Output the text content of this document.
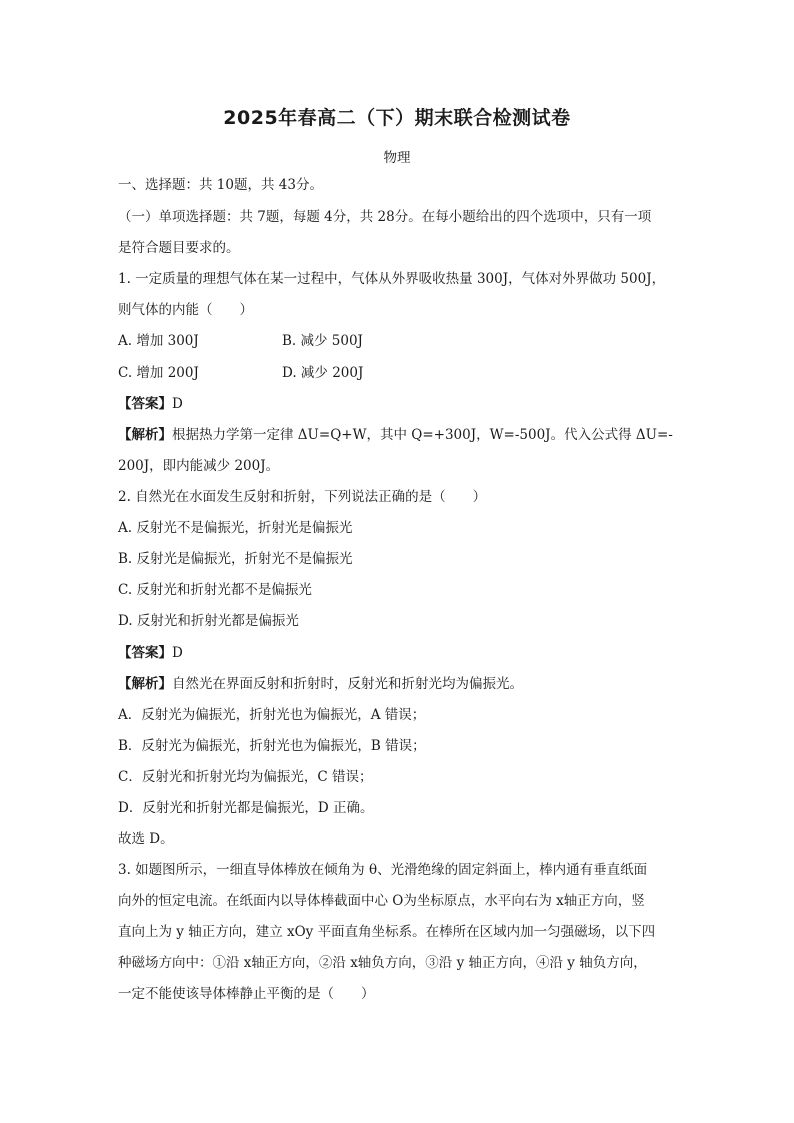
2025年春高二（下）期末联合检测试卷
物理
一、选择题：共 10题，共 43分。
（一）单项选择题：共 7题，每题 4分，共 28分。在每小题给出的四个选项中，只有一项
是符合题目要求的。
1. 一定质量的理想气体在某一过程中，气体从外界吸收热量 300J，气体对外界做功 500J，
则气体的内能（　　）
A. 增加 300J	B. 减少 500J
C. 增加 200J	D. 减少 200J
【答案】D
【解析】根据热力学第一定律 ΔU=Q+W，其中 Q=+300J，W=-500J。代入公式得 ΔU=-
200J，即内能减少 200J。
2. 自然光在水面发生反射和折射，下列说法正确的是（　　）
A. 反射光不是偏振光，折射光是偏振光
B. 反射光是偏振光，折射光不是偏振光
C. 反射光和折射光都不是偏振光
D. 反射光和折射光都是偏振光
【答案】D
【解析】自然光在界面反射和折射时，反射光和折射光均为偏振光。
A．反射光为偏振光，折射光也为偏振光，A 错误；
B．反射光为偏振光，折射光也为偏振光，B 错误；
C．反射光和折射光均为偏振光，C 错误；
D．反射光和折射光都是偏振光，D 正确。
故选 D。
3. 如题图所示，一细直导体棒放在倾角为 θ、光滑绝缘的固定斜面上，棒内通有垂直纸面
向外的恒定电流。在纸面内以导体棒截面中心 O为坐标原点，水平向右为 x轴正方向，竖
直向上为 y 轴正方向，建立 xOy 平面直角坐标系。在棒所在区域内加一匀强磁场，以下四
种磁场方向中：①沿 x轴正方向，②沿 x轴负方向，③沿 y 轴正方向，④沿 y 轴负方向，
一定不能使该导体棒静止平衡的是（　　）
